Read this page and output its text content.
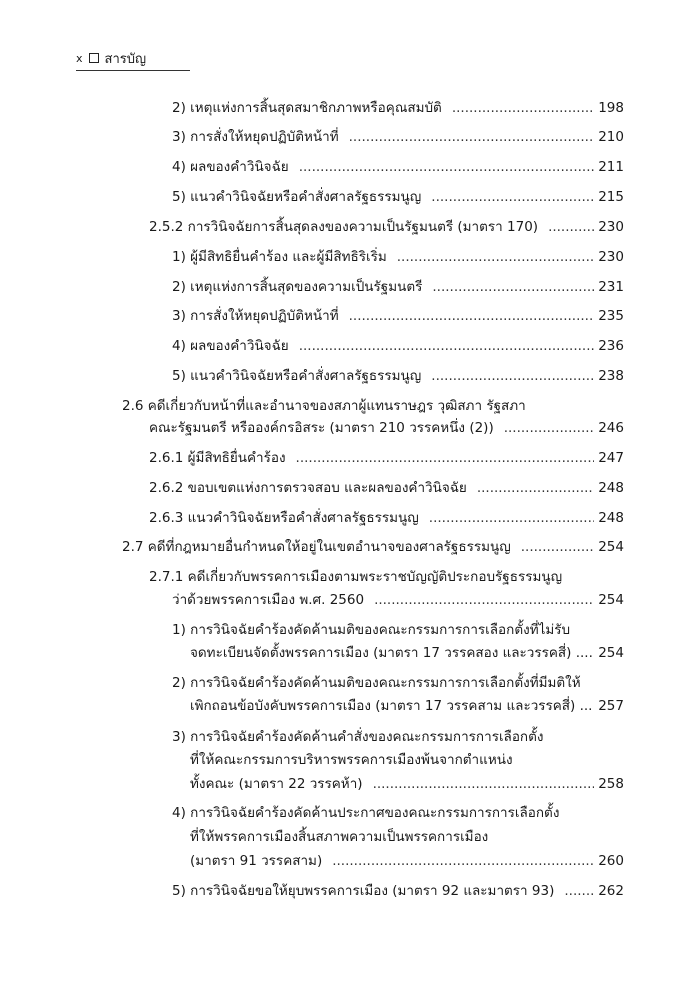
x สารบัญ
2) เหตุแห่งการสิ้นสุดสมาชิกภาพหรือคุณสมบัติ .....	198
3) การสั่งให้หยุดปฏิบัติหน้าที่ .....	210
4) ผลของคำวินิจฉัย .....	211
5) แนวคำวินิจฉัยหรือคำสั่งศาลรัฐธรรมนูญ .....	215
2.5.2 การวินิจฉัยการสิ้นสุดลงของความเป็นรัฐมนตรี (มาตรา 170) .....	230
1) ผู้มีสิทธิยื่นคำร้อง และผู้มีสิทธิริเริ่ม .....	230
2) เหตุแห่งการสิ้นสุดของความเป็นรัฐมนตรี .....	231
3) การสั่งให้หยุดปฏิบัติหน้าที่ .....	235
4) ผลของคำวินิจฉัย .....	236
5) แนวคำวินิจฉัยหรือคำสั่งศาลรัฐธรรมนูญ .....	238
2.6 คดีเกี่ยวกับหน้าที่และอำนาจของสภาผู้แทนราษฎร วุฒิสภา รัฐสภา
คณะรัฐมนตรี หรือองค์กรอิสระ (มาตรา 210 วรรคหนึ่ง (2)) .....	246
2.6.1 ผู้มีสิทธิยื่นคำร้อง .....	247
2.6.2 ขอบเขตแห่งการตรวจสอบ และผลของคำวินิจฉัย .....	248
2.6.3 แนวคำวินิจฉัยหรือคำสั่งศาลรัฐธรรมนูญ .....	248
2.7 คดีที่กฎหมายอื่นกำหนดให้อยู่ในเขตอำนาจของศาลรัฐธรรมนูญ .....	254
2.7.1 คดีเกี่ยวกับพรรคการเมืองตามพระราชบัญญัติประกอบรัฐธรรมนูญ
ว่าด้วยพรรคการเมือง พ.ศ. 2560 .....	254
1) การวินิจฉัยคำร้องคัดค้านมติของคณะกรรมการการเลือกตั้งที่ไม่รับ
จดทะเบียนจัดตั้งพรรคการเมือง (มาตรา 17 วรรคสอง และวรรคสี่) .... 254
2) การวินิจฉัยคำร้องคัดค้านมติของคณะกรรมการการเลือกตั้งที่มีมติให้
เพิกถอนข้อบังคับพรรคการเมือง (มาตรา 17 วรรคสาม และวรรคสี่) ... 257
3) การวินิจฉัยคำร้องคัดค้านคำสั่งของคณะกรรมการการเลือกตั้ง
ที่ให้คณะกรรมการบริหารพรรคการเมืองพ้นจากตำแหน่ง
ทั้งคณะ (มาตรา 22 วรรคห้า) .....	258
4) การวินิจฉัยคำร้องคัดค้านประกาศของคณะกรรมการการเลือกตั้ง
ที่ให้พรรคการเมืองสิ้นสภาพความเป็นพรรคการเมือง
(มาตรา 91 วรรคสาม) .....	260
5) การวินิจฉัยขอให้ยุบพรรคการเมือง (มาตรา 92 และมาตรา 93) .....	262
